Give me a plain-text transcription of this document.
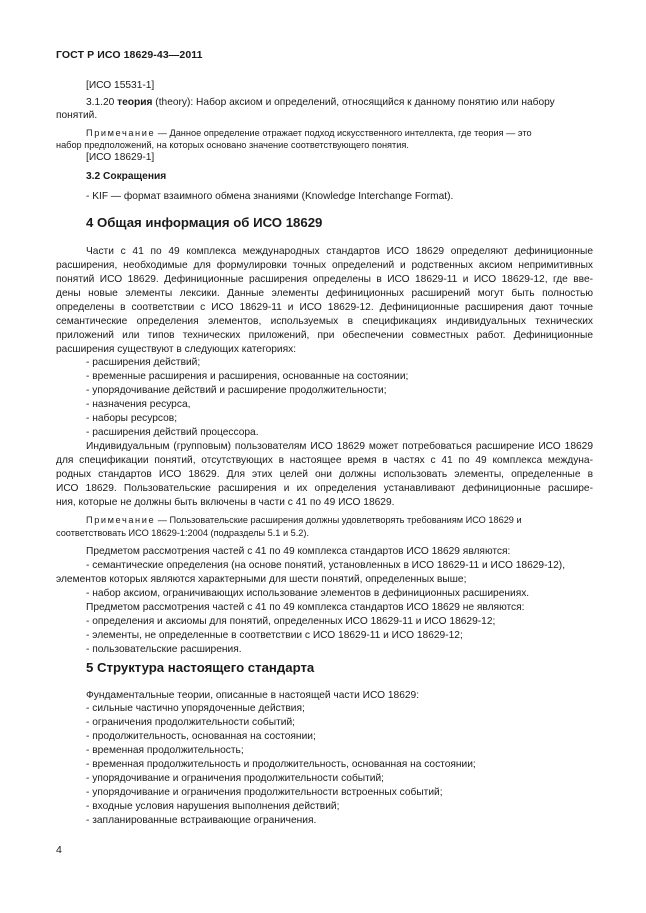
ГОСТ Р ИСО 18629-43—2011
[ИСО 15531-1]
3.1.20 теория (theory): Набор аксиом и определений, относящийся к данному понятию или набору
понятий.
Примечание — Данное определение отражает подход искусственного интеллекта, где теория — это
набор предположений, на которых основано значение соответствующего понятия.
[ИСО 18629-1]
3.2 Сокращения
- KIF — формат взаимного обмена знаниями (Knowledge Interchange Format).
4 Общая информация об ИСО 18629
Части с 41 по 49 комплекса международных стандартов ИСО 18629 определяют дефиниционные
расширения, необходимые для формулировки точных определений и родственных аксиом непримитивных
понятий ИСО 18629. Дефиниционные расширения определены в ИСО 18629-11 и ИСО 18629-12, где вве-
дены новые элементы лексики. Данные элементы дефиниционных расширений могут быть полностью
определены в соответствии с ИСО 18629-11 и ИСО 18629-12. Дефиниционные расширения дают точные
семантические определения элементов, используемых в спецификациях индивидуальных технических
приложений или типов технических приложений, при обеспечении совместных работ. Дефиниционные
расширения существуют в следующих категориях:
- расширения действий;
- временные расширения и расширения, основанные на состоянии;
- упорядочивание действий и расширение продолжительности;
- назначения ресурса,
- наборы ресурсов;
- расширения действий процессора.
Индивидуальным (групповым) пользователям ИСО 18629 может потребоваться расширение ИСО 18629
для спецификации понятий, отсутствующих в настоящее время в частях с 41 по 49 комплекса междуна-
родных стандартов ИСО 18629. Для этих целей они должны использовать элементы, определенные в
ИСО 18629. Пользовательские расширения и их определения устанавливают дефиниционные расшире-
ния, которые не должны быть включены в части с 41 по 49 ИСО 18629.
Примечание — Пользовательские расширения должны удовлетворять требованиям ИСО 18629 и
соответствовать ИСО 18629-1:2004 (подразделы 5.1 и 5.2).
Предметом рассмотрения частей с 41 по 49 комплекса стандартов ИСО 18629 являются:
- семантические определения (на основе понятий, установленных в ИСО 18629-11 и ИСО 18629-12),
элементов которых являются характерными для шести понятий, определенных выше;
- набор аксиом, ограничивающих использование элементов в дефиниционных расширениях.
Предметом рассмотрения частей с 41 по 49 комплекса стандартов ИСО 18629 не являются:
- определения и аксиомы для понятий, определенных ИСО 18629-11 и ИСО 18629-12;
- элементы, не определенные в соответствии с ИСО 18629-11 и ИСО 18629-12;
- пользовательские расширения.
5 Структура настоящего стандарта
Фундаментальные теории, описанные в настоящей части ИСО 18629:
- сильные частично упорядоченные действия;
- ограничения продолжительности событий;
- продолжительность, основанная на состоянии;
- временная продолжительность;
- временная продолжительность и продолжительность, основанная на состоянии;
- упорядочивание и ограничения продолжительности событий;
- упорядочивание и ограничения продолжительности встроенных событий;
- входные условия нарушения выполнения действий;
- запланированные встраивающие ограничения.
4
